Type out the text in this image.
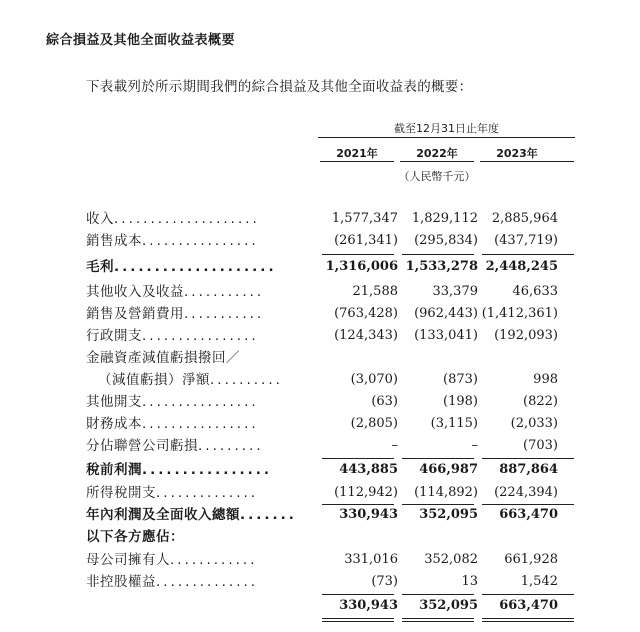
綜合損益及其他全面收益表概要
下表載列於所示期間我們的綜合損益及其他全面收益表的概要：
截至12月31日止年度
2021年	2022年	2023年
（人民幣千元）
收入....................	1,577,347	1,829,112	2,885,964
銷售成本................	(261,341)	(295,834)	(437,719)
毛利....................	1,316,006 1,533,278 2,448,245
其他收入及收益...........	21,588	33,379	46,633
銷售及營銷費用...........	(763,428)	(962,443) (1,412,361)
行政開支................	(124,343)	(133,041)	(192,093)
金融資產減值虧損撥回／
（減值虧損）淨額..........	(3,070)	(873)	998
其他開支................	(63)	(198)	(822)
財務成本................	(2,805)	(3,115)	(2,033)
分佔聯營公司虧損.........	–	–	(703)
稅前利潤................	443,885	466,987	887,864
所得稅開支..............	(112,942)	(114,892)	(224,394)
年內利潤及全面收入總額.......	330,943	352,095	663,470
以下各方應佔：
母公司擁有人............	331,016	352,082	661,928
非控股權益..............	(73)	13	1,542
330,943	352,095	663,470
